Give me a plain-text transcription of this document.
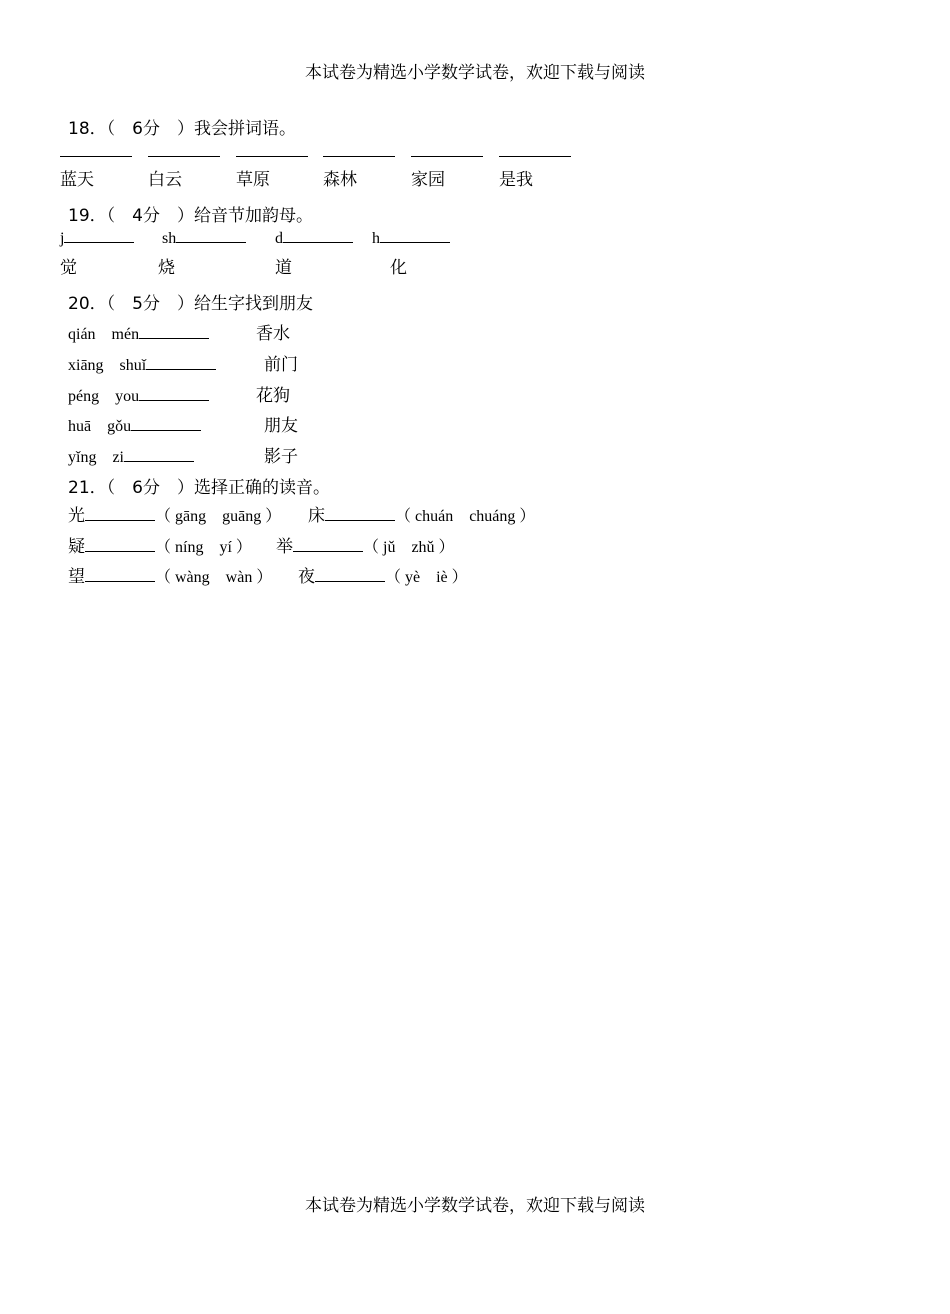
本试卷为精选小学数学试卷，欢迎下载与阅读
18．（　6分　）我会拼词语。
蓝天	白云	草原	森林	家园	是我
19．（　4分　）给音节加韵母。
j	sh	d	h
觉	烧	道	化
20．（　5分　）给生字找到朋友
qián　mén	香水
xiāng　shuǐ	前门
péng　you	花狗
huā　gǒu	朋友
yǐng　zi	影子
21．（　6分　）选择正确的读音。
光	（ gāng　guāng ） 床	（ chuán　chuáng ）
疑	（ níng　yí ） 举	（ jǔ　zhǔ ）
望	（ wàng　wàn ） 夜	（ yè　iè ）
本试卷为精选小学数学试卷，欢迎下载与阅读
